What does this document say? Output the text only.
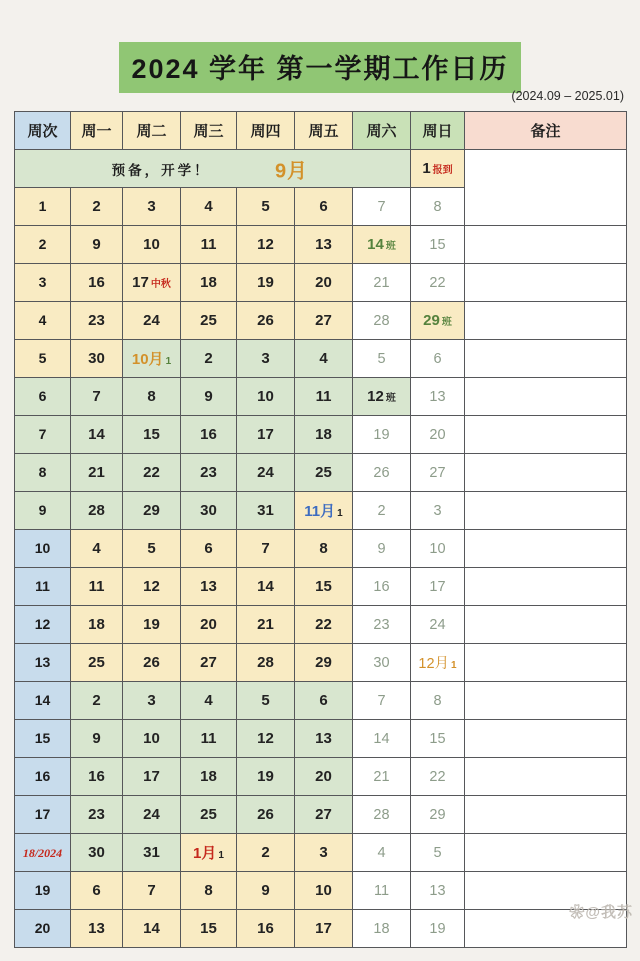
2024 学年 第一学期工作日历
(2024.09 – 2025.01)
周次	周一	周二	周三	周四	周五	周六	周日	备注

预备，开学！ 9月							1 报到	
1	2	3	4	5	6	7	8	
2	9	10	11	12	13	14 班	15	
3	16	17 中秋	18	19	20	21	22	
4	23	24	25	26	27	28	29 班	
5	30	10月 1	2	3	4	5	6	
6	7	8	9	10	11	12 班	13	
7	14	15	16	17	18	19	20	
8	21	22	23	24	25	26	27	
9	28	29	30	31	11月 1	2	3	
10	4	5	6	7	8	9	10	
11	11	12	13	14	15	16	17	
12	18	19	20	21	22	23	24	
13	25	26	27	28	29	30	12月 1	
14	2	3	4	5	6	7	8	
15	9	10	11	12	13	14	15	
16	16	17	18	19	20	21	22	
17	23	24	25	26	27	28	29	
18/2024	30	31	1月 1	2	3	4	5	
19	6	7	8	9	10	11	13	
20	13	14	15	16	17	18	19	
❀@我苏
